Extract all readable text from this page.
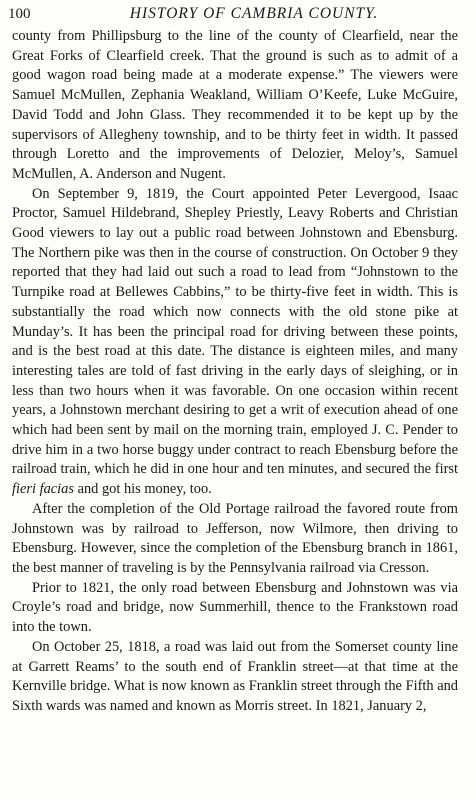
100	HISTORY OF CAMBRIA COUNTY.

county from Phillipsburg to the line of the county of Clearfield, near the Great Forks of Clearfield creek. That the ground is such as to admit of a good wagon road being made at a moderate expense.” The viewers were Samuel McMullen, Zephania Weakland, William O’Keefe, Luke McGuire, David Todd and John Glass. They recommended it to be kept up by the supervisors of Allegheny township, and to be thirty feet in width. It passed through Loretto and the improvements of Delozier, Meloy’s, Samuel McMullen, A. Anderson and Nugent.

On September 9, 1819, the Court appointed Peter Levergood, Isaac Proctor, Samuel Hildebrand, Shepley Priestly, Leavy Roberts and Christian Good viewers to lay out a public road between Johnstown and Ebensburg. The Northern pike was then in the course of construction. On October 9 they reported that they had laid out such a road to lead from “Johnstown to the Turnpike road at Bellewes Cabbins,” to be thirty-five feet in width. This is substantially the road which now connects with the old stone pike at Munday’s. It has been the principal road for driving between these points, and is the best road at this date. The distance is eighteen miles, and many interesting tales are told of fast driving in the early days of sleighing, or in less than two hours when it was favorable. On one occasion within recent years, a Johnstown merchant desiring to get a writ of execution ahead of one which had been sent by mail on the morning train, employed J. C. Pender to drive him in a two horse buggy under contract to reach Ebensburg before the railroad train, which he did in one hour and ten minutes, and secured the first fieri facias and got his money, too.

After the completion of the Old Portage railroad the favored route from Johnstown was by railroad to Jefferson, now Wilmore, then driving to Ebensburg. However, since the completion of the Ebensburg branch in 1861, the best manner of traveling is by the Pennsylvania railroad via Cresson.

Prior to 1821, the only road between Ebensburg and Johnstown was via Croyle’s road and bridge, now Summerhill, thence to the Frankstown road into the town.

On October 25, 1818, a road was laid out from the Somerset county line at Garrett Reams’ to the south end of Franklin street—at that time at the Kernville bridge. What is now known as Franklin street through the Fifth and Sixth wards was named and known as Morris street. In 1821, January 2,
